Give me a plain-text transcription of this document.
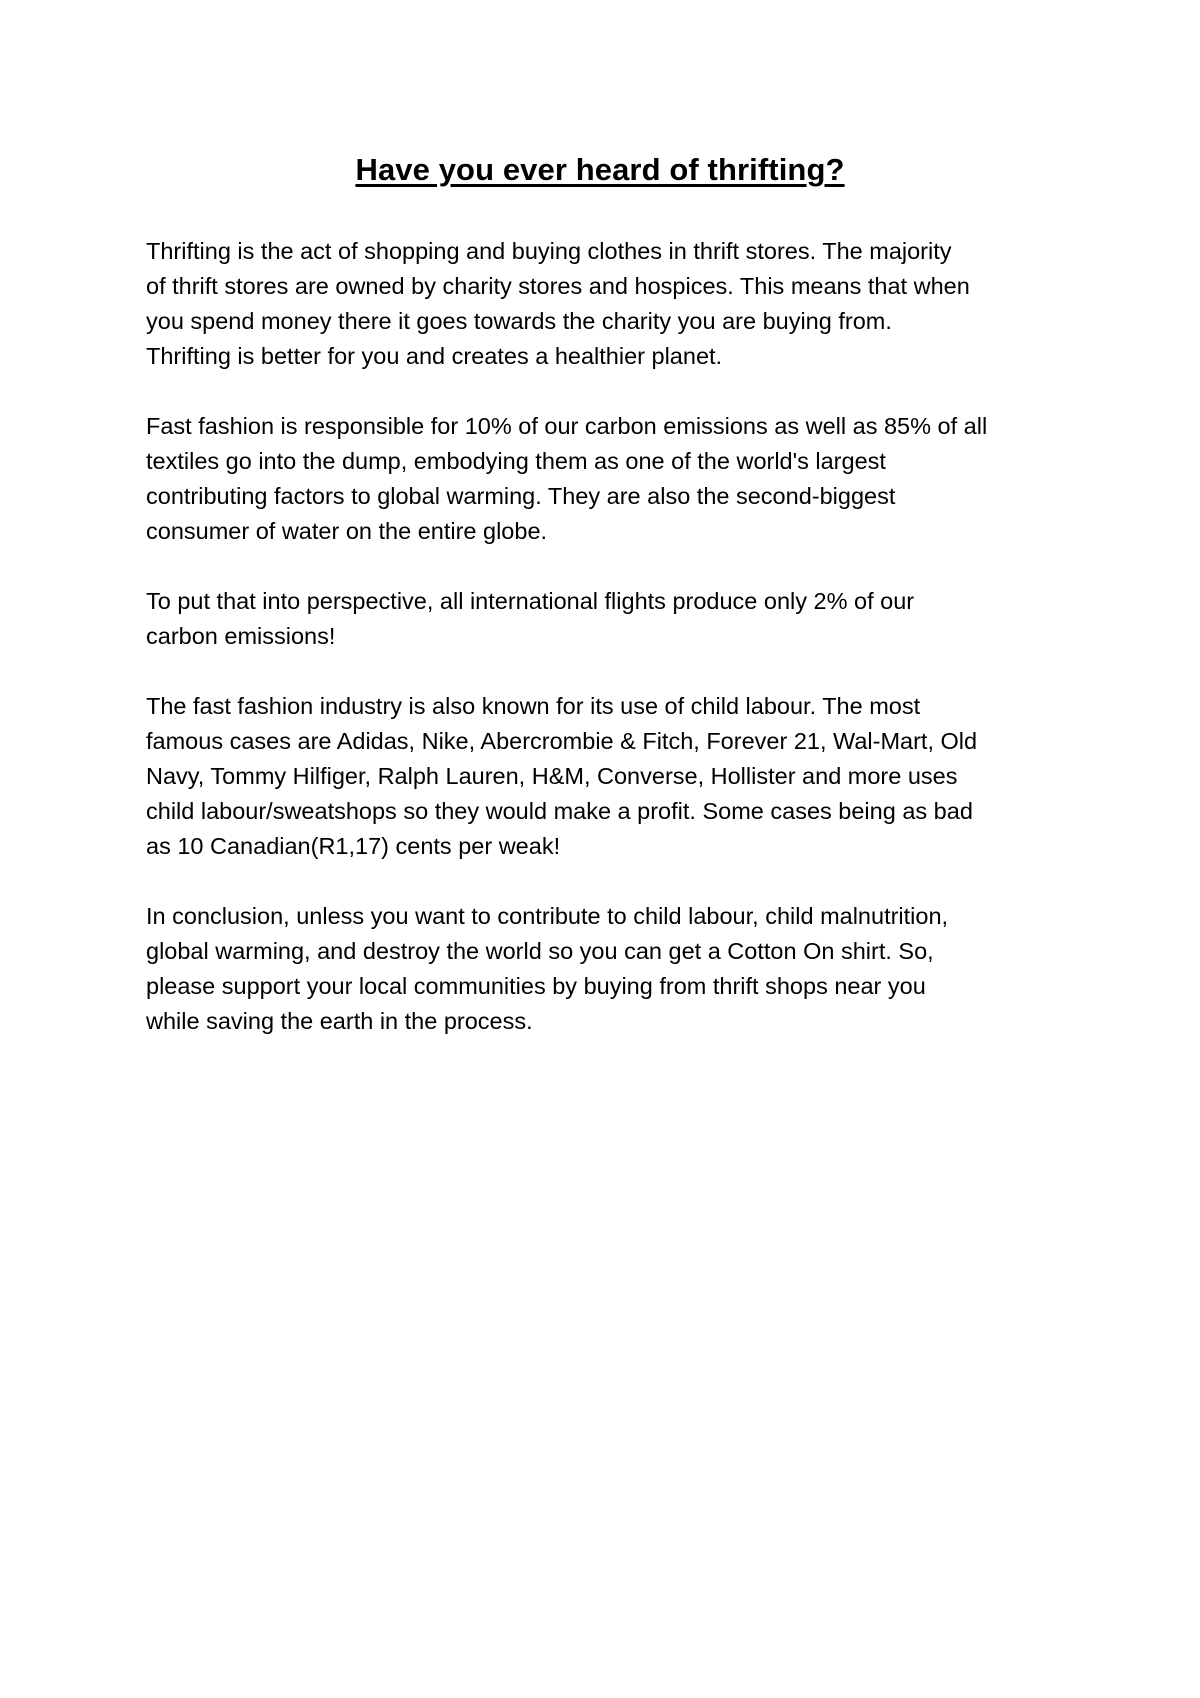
Have you ever heard of thrifting?

Thrifting is the act of shopping and buying clothes in thrift stores. The majority
of thrift stores are owned by charity stores and hospices. This means that when
you spend money there it goes towards the charity you are buying from.
Thrifting is better for you and creates a healthier planet.

Fast fashion is responsible for 10% of our carbon emissions as well as 85% of all
textiles go into the dump, embodying them as one of the world's largest
contributing factors to global warming. They are also the second-biggest
consumer of water on the entire globe.

To put that into perspective, all international flights produce only 2% of our
carbon emissions!

The fast fashion industry is also known for its use of child labour. The most
famous cases are Adidas, Nike, Abercrombie & Fitch, Forever 21, Wal-Mart, Old
Navy, Tommy Hilfiger, Ralph Lauren, H&M, Converse, Hollister and more uses
child labour/sweatshops so they would make a profit. Some cases being as bad
as 10 Canadian(R1,17) cents per weak!

In conclusion, unless you want to contribute to child labour, child malnutrition,
global warming, and destroy the world so you can get a Cotton On shirt. So,
please support your local communities by buying from thrift shops near you
while saving the earth in the process.
